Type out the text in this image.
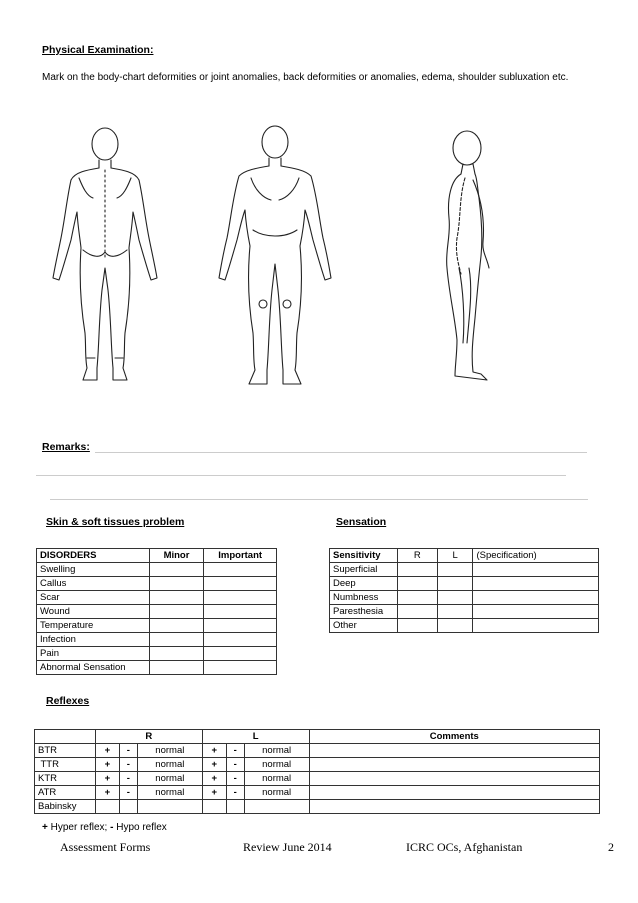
Physical Examination:
Mark on the body-chart deformities or joint anomalies, back deformities or anomalies, edema, shoulder subluxation etc.
Remarks:
Skin & soft tissues problem	Sensation
DISORDERS	Minor	Important
Swelling		
Callus		
Scar		
Wound		
Temperature		
Infection		
Pain		
Abnormal Sensation		
Sensitivity	R	L	(Specification)
Superficial			
Deep			
Numbness			
Paresthesia			
Other			
Reflexes
	R			L			Comments
BTR	+	-	normal	+	-	normal	
TTR	+	-	normal	+	-	normal	
KTR	+	-	normal	+	-	normal	
ATR	+	-	normal	+	-	normal	
Babinsky							
+ Hyper reflex; - Hypo reflex
Assessment Forms	Review June 2014	ICRC OCs, Afghanistan	2
